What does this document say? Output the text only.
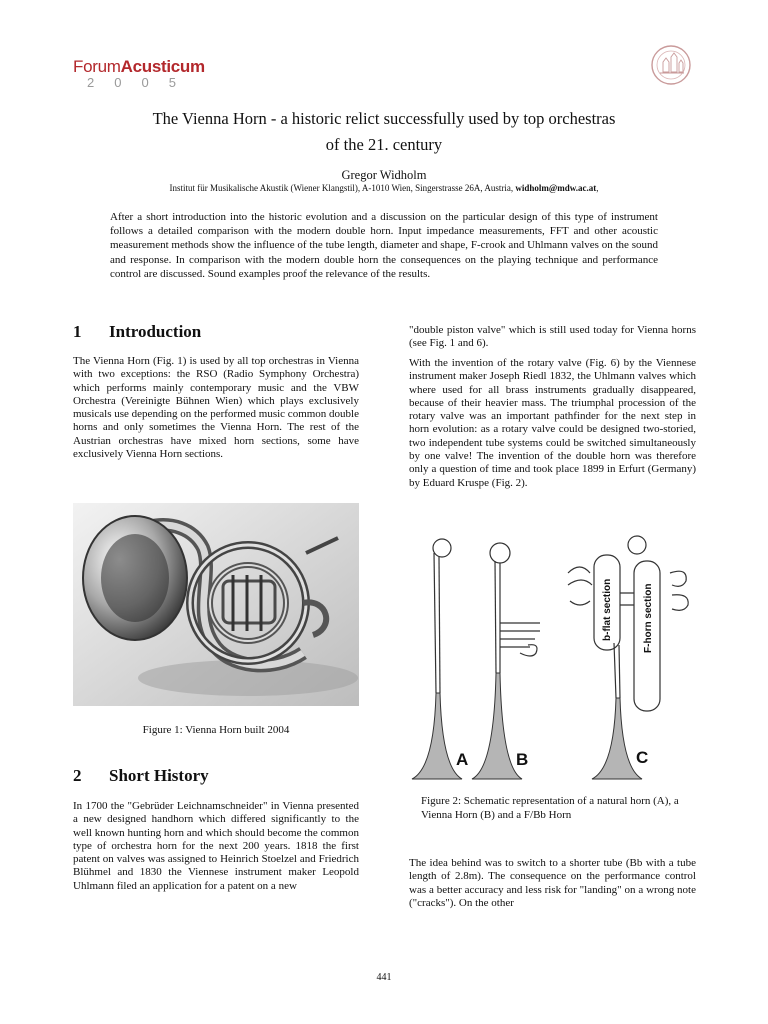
ForumAcusticum
2005
The Vienna Horn - a historic relict successfully used by top orchestras
of the 21. century
Gregor Widholm
Institut für Musikalische Akustik (Wiener Klangstil), A-1010 Wien, Singerstrasse 26A, Austria, widholm@mdw.ac.at,

After a short introduction into the historic evolution and a discussion on the particular design of this type of instrument follows a detailed comparison with the modern double horn. Input impedance measurements, FFT and other acoustic measurement methods show the influence of the tube length, diameter and shape, F-crook and Uhlmann valves on the sound and response. In comparison with the modern double horn the consequences on the playing technique and performance control are discussed. Sound examples proof the relevance of the results.

1 Introduction

The Vienna Horn (Fig. 1) is used by all top orchestras in Vienna with two exceptions: the RSO (Radio Symphony Orchestra) which performs mainly contemporary music and the VBW Orchestra (Vereinigte Bühnen Wien) which plays exclusively musicals use depending on the performed music common double horns and only sometimes the Vienna Horn. The rest of the Austrian orchestras have mixed horn sections, some have exclusively Vienna Horn sections.

Figure 1: Vienna Horn built 2004

2 Short History

In 1700 the "Gebrüder Leichnamschneider" in Vienna presented a new designed handhorn which differed significantly to the well known hunting horn and which should become the common type of orchestra horn for the next 200 years. 1818 the first patent on valves was assigned to Heinrich Stoelzel and Friedrich Blühmel and 1830 the Viennese instrument maker Leopold Uhlmann filed an application for a patent on a new

"double piston valve" which is still used today for Vienna horns (see Fig. 1 and 6).

With the invention of the rotary valve (Fig. 6) by the Viennese instrument maker Joseph Riedl 1832, the Uhlmann valves which where used for all brass instruments gradually disappeared, because of their heavier mass. The triumphal procession of the rotary valve was an important pathfinder for the next step in horn evolution: as a rotary valve could be designed two-storied, two independent tube systems could be switched simultaneously by one valve! The invention of the double horn was therefore only a question of time and took place 1899 in Erfurt (Germany) by Eduard Kruspe (Fig. 2).

A	B	C
b-flat section	F-horn section

Figure 2: Schematic representation of a natural horn (A), a Vienna Horn (B) and a F/Bb Horn

The idea behind was to switch to a shorter tube (Bb with a tube length of 2.8m). The consequence on the performance control was a better accuracy and less risk for "landing" on a wrong note ("cracks"). On the other

441
